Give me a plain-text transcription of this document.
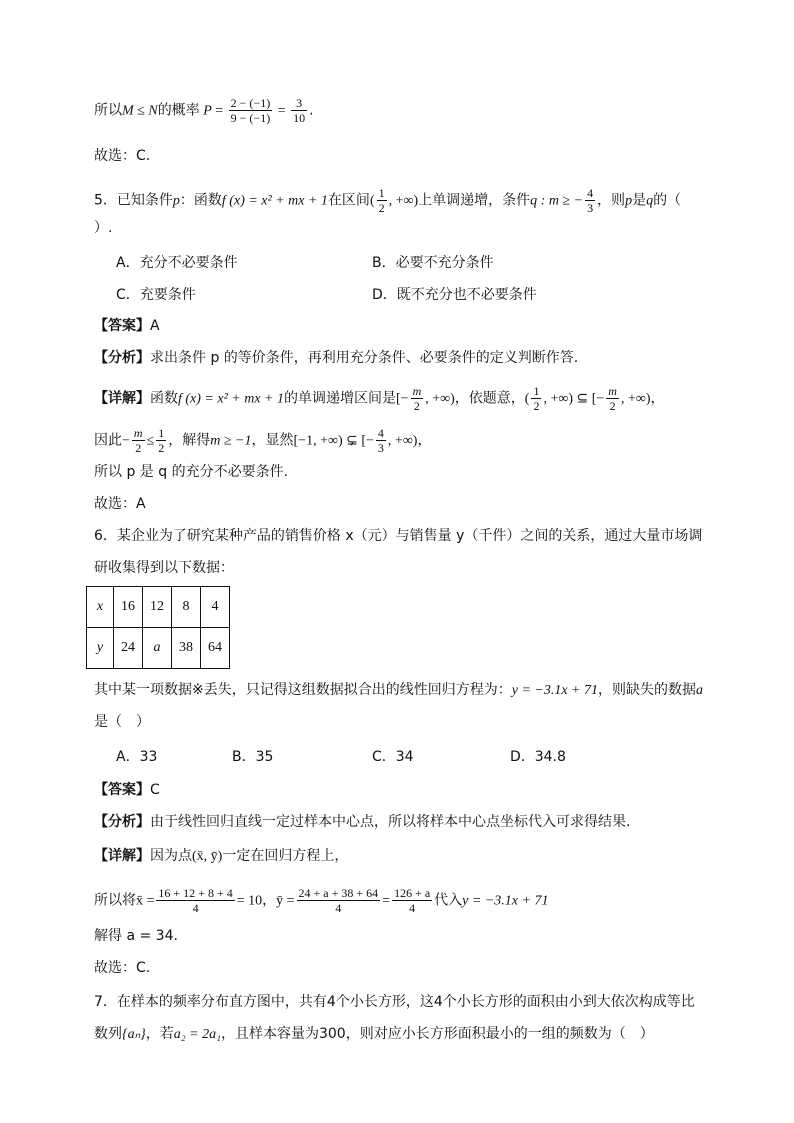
所以M ≤ N的概率 $P = \frac{2 - (-1)}{9 - (-1)} = \frac{3}{10}$ .
故选：C.
5．已知条件p：函数f (x) = x² + mx + 1在区间( $\frac{1}{2}$ , +∞)上单调递增，条件q : m ≥ − $\frac{4}{3}$ ，则p是q的（
）.
A．充分不必要条件	B．必要不充分条件
C．充要条件	D．既不充分也不必要条件
【答案】A
【分析】求出条件 p 的等价条件，再利用充分条件、必要条件的定义判断作答.
【详解】函数f (x) = x² + mx + 1的单调递增区间是[− $\frac{m}{2}$ , +∞)，依题意，( $\frac{1}{2}$ , +∞) ⊆ [− $\frac{m}{2}$ , +∞)，
因此− $\frac{m}{2} \le \frac{1}{2}$ ，解得m ≥ −1，显然[−1, +∞) ⊊ [− $\frac{4}{3}$ , +∞)，
所以 p 是 q 的充分不必要条件.
故选：A
6．某企业为了研究某种产品的销售价格 x（元）与销售量 y（千件）之间的关系，通过大量市场调
研收集得到以下数据：
x	16	12	8	4
y	24	a	38	64
其中某一项数据※丢失，只记得这组数据拟合出的线性回归方程为：y = −3.1x + 71，则缺失的数据a
是（　）
A．33	B．35	C．34	D．34.8
【答案】C
【分析】由于线性回归直线一定过样本中心点，所以将样本中心点坐标代入可求得结果.
【详解】因为点(x̄, ȳ)一定在回归方程上，
所以将x̄ = $\frac{16 + 12 + 8 + 4}{4} = 10$，ȳ = $\frac{24 + a + 38 + 64}{4} = \frac{126 + a}{4}$ 代入y = −3.1x + 71
解得 a = 34.
故选：C.
7．在样本的频率分布直方图中，共有4个小长方形，这4个小长方形的面积由小到大依次构成等比
数列{aₙ}，若a₂ = 2a₁，且样本容量为300，则对应小长方形面积最小的一组的频数为（　）
